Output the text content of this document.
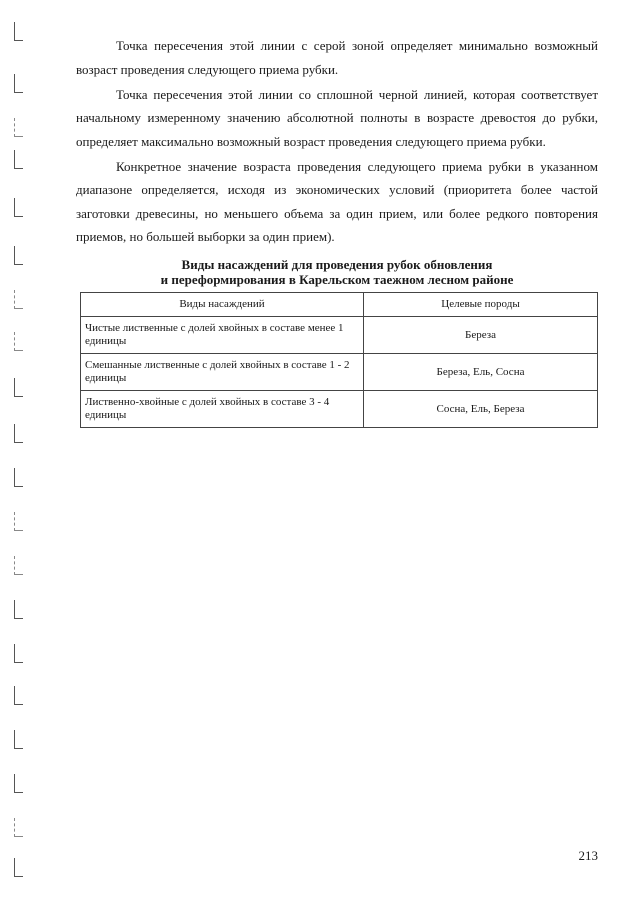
Точка пересечения этой линии с серой зоной определяет минимально возможный возраст проведения следующего приема рубки.

Точка пересечения этой линии со сплошной черной линией, которая соответствует начальному измеренному значению абсолютной полноты в возрасте древостоя до рубки, определяет максимально возможный возраст проведения следующего приема рубки.

Конкретное значение возраста проведения следующего приема рубки в указанном диапазоне определяется, исходя из экономических условий (приоритета более частой заготовки древесины, но меньшего объема за один прием, или более редкого повторения приемов, но большей выборки за один прием).

Виды насаждений для проведения рубок обновления
и переформирования в Карельском таежном лесном районе
Виды насаждений	Целевые породы
Чистые лиственные с долей хвойных в составе менее 1 единицы	Береза
Смешанные лиственные с долей хвойных в составе 1 - 2 единицы	Береза, Ель, Сосна
Лиственно-хвойные с долей хвойных в составе 3 - 4 единицы	Сосна, Ель, Береза
213
